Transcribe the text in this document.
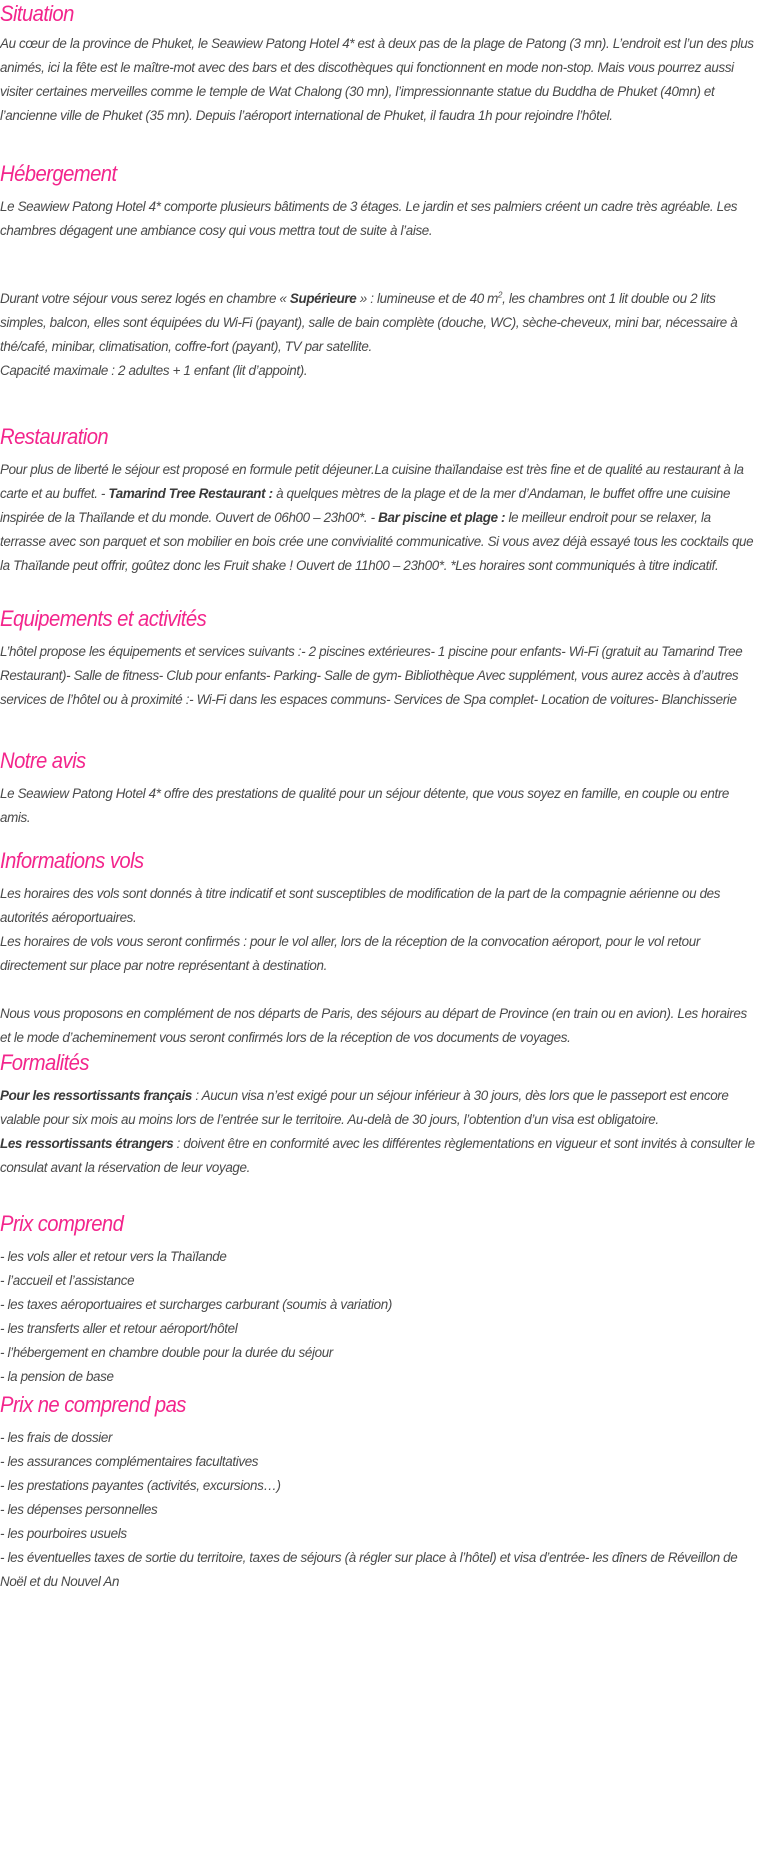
Situation

Au cœur de la province de Phuket, le Seawiew Patong Hotel 4* est à deux pas de la plage de Patong (3 mn). L’endroit est l’un des plus animés, ici la fête est le maître-mot avec des bars et des discothèques qui fonctionnent en mode non-stop. Mais vous pourrez aussi visiter certaines merveilles comme le temple de Wat Chalong (30 mn), l’impressionnante statue du Buddha de Phuket (40mn) et l’ancienne ville de Phuket (35 mn). Depuis l’aéroport international de Phuket, il faudra 1h pour rejoindre l’hôtel.

Hébergement

Le Seawiew Patong Hotel 4* comporte plusieurs bâtiments de 3 étages. Le jardin et ses palmiers créent un cadre très agréable. Les chambres dégagent une ambiance cosy qui vous mettra tout de suite à l’aise.

Durant votre séjour vous serez logés en chambre « Supérieure » : lumineuse et de 40 $m^2$, les chambres ont 1 lit double ou 2 lits simples, balcon, elles sont équipées du Wi-Fi (payant), salle de bain complète (douche, WC), sèche-cheveux, mini bar, nécessaire à thé/café, minibar, climatisation, coffre-fort (payant), TV par satellite.

Capacité maximale : 2 adultes + 1 enfant (lit d’appoint).

Restauration

Pour plus de liberté le séjour est proposé en formule petit déjeuner.La cuisine thaïlandaise est très fine et de qualité au restaurant à la carte et au buffet. - Tamarind Tree Restaurant : à quelques mètres de la plage et de la mer d’Andaman, le buffet offre une cuisine inspirée de la Thaïlande et du monde. Ouvert de 06h00 – 23h00*. - Bar piscine et plage : le meilleur endroit pour se relaxer, la terrasse avec son parquet et son mobilier en bois crée une convivialité communicative. Si vous avez déjà essayé tous les cocktails que la Thaïlande peut offrir, goûtez donc les Fruit shake ! Ouvert de 11h00 – 23h00*. *Les horaires sont communiqués à titre indicatif.

Equipements et activités

L’hôtel propose les équipements et services suivants :- 2 piscines extérieures- 1 piscine pour enfants- Wi-Fi (gratuit au Tamarind Tree Restaurant)- Salle de fitness- Club pour enfants- Parking- Salle de gym- Bibliothèque Avec supplément, vous aurez accès à d’autres services de l’hôtel ou à proximité :- Wi-Fi dans les espaces communs- Services de Spa complet- Location de voitures- Blanchisserie

Notre avis

Le Seawiew Patong Hotel 4* offre des prestations de qualité pour un séjour détente, que vous soyez en famille, en couple ou entre amis.

Informations vols

Les horaires des vols sont donnés à titre indicatif et sont susceptibles de modification de la part de la compagnie aérienne ou des autorités aéroportuaires.

Les horaires de vols vous seront confirmés : pour le vol aller, lors de la réception de la convocation aéroport, pour le vol retour directement sur place par notre représentant à destination.

Nous vous proposons en complément de nos départs de Paris, des séjours au départ de Province (en train ou en avion). Les horaires et le mode d’acheminement vous seront confirmés lors de la réception de vos documents de voyages.

Formalités

Pour les ressortissants français : Aucun visa n’est exigé pour un séjour inférieur à 30 jours, dès lors que le passeport est encore valable pour six mois au moins lors de l’entrée sur le territoire. Au-delà de 30 jours, l’obtention d’un visa est obligatoire.

Les ressortissants étrangers : doivent être en conformité avec les différentes règlementations en vigueur et sont invités à consulter le consulat avant la réservation de leur voyage.

Prix comprend
- les vols aller et retour vers la Thaïlande
- l’accueil et l’assistance
- les taxes aéroportuaires et surcharges carburant (soumis à variation)
- les transferts aller et retour aéroport/hôtel
- l’hébergement en chambre double pour la durée du séjour
- la pension de base
Prix ne comprend pas
- les frais de dossier
- les assurances complémentaires facultatives
- les prestations payantes (activités, excursions…)
- les dépenses personnelles
- les pourboires usuels
- les éventuelles taxes de sortie du territoire, taxes de séjours (à régler sur place à l’hôtel) et visa d’entrée- les dîners de Réveillon de Noël et du Nouvel An
